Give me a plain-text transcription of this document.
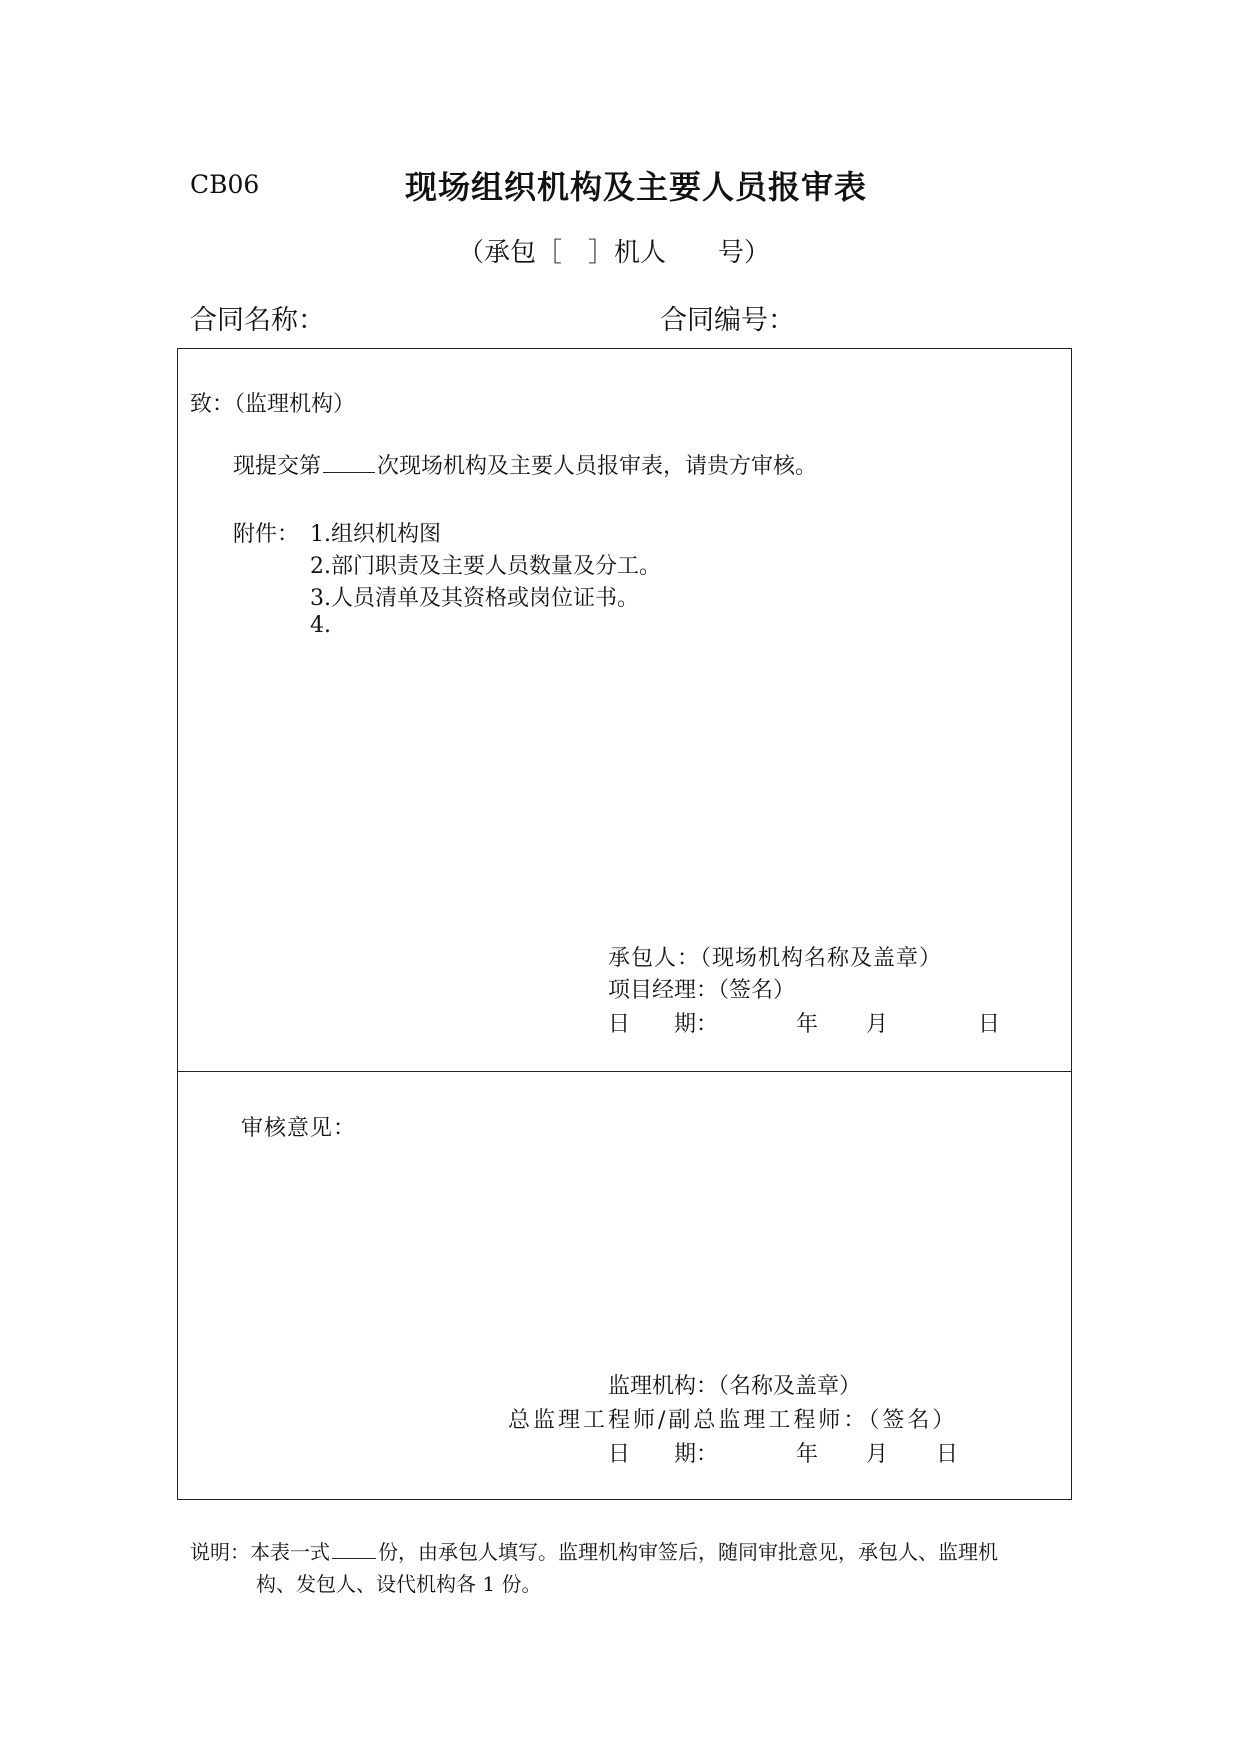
CB06	现场组织机构及主要人员报审表
（承包［　］机人　　号）
合同名称：	合同编号：
致：（监理机构）
现提交第	次现场机构及主要人员报审表，请贵方审核。
附件： 1.组织机构图
2.部门职责及主要人员数量及分工。
3.人员清单及其资格或岗位证书。
4.
承包人：（现场机构名称及盖章）
项目经理：（签名）
日　　期：	年 月	日
审核意见：
监理机构：（名称及盖章）
总监理工程师/副总监理工程师：（签名）
日　　期：	年 月 日
说明：本表一式 份，由承包人填写。监理机构审签后，随同审批意见，承包人、监理机
构、发包人、设代机构各 1 份。
